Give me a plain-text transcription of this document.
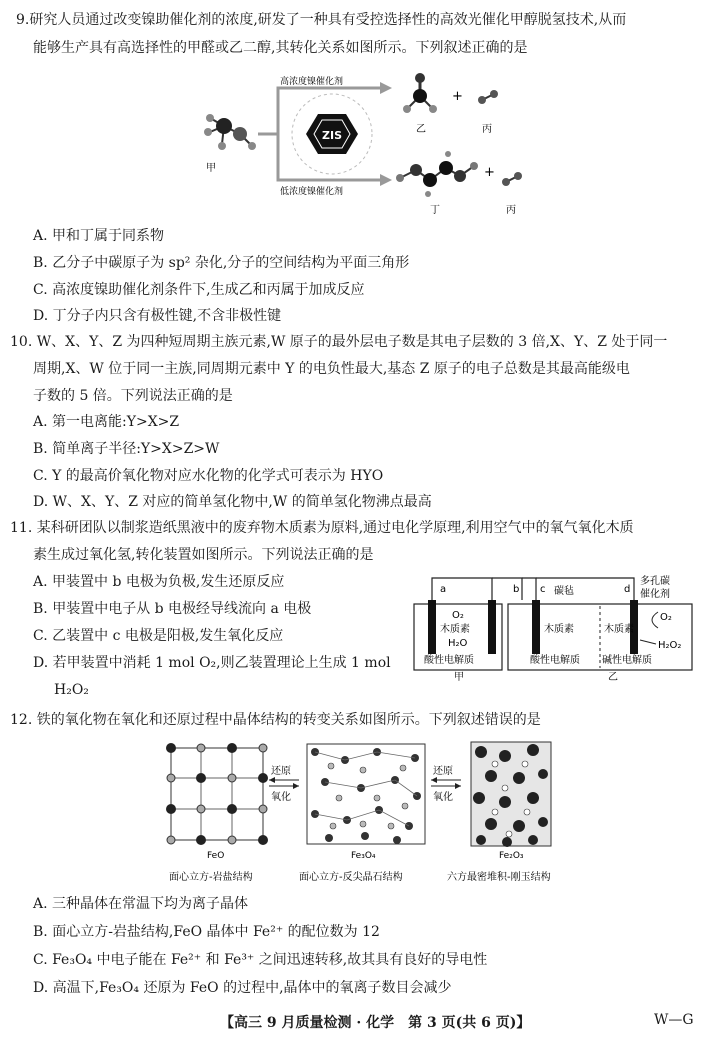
9.研究人员通过改变镍助催化剂的浓度,研发了一种具有受控选择性的高效光催化甲醇脱氢技术,从而
能够生产具有高选择性的甲醛或乙二醇,其转化关系如图所示。下列叙述正确的是
甲
高浓度镍催化剂
低浓度镍催化剂
ZIS	乙
+
丙
丁
+
丙
A. 甲和丁属于同系物
B. 乙分子中碳原子为 sp² 杂化,分子的空间结构为平面三角形
C. 高浓度镍助催化剂条件下,生成乙和丙属于加成反应
D. 丁分子内只含有极性键,不含非极性键
10. W、X、Y、Z 为四种短周期主族元素,W 原子的最外层电子数是其电子层数的 3 倍,X、Y、Z 处于同一
周期,X、W 位于同一主族,同周期元素中 Y 的电负性最大,基态 Z 原子的电子总数是其最高能级电
子数的 5 倍。下列说法正确的是
A. 第一电离能:Y>X>Z
B. 简单离子半径:Y>X>Z>W
C. Y 的最高价氧化物对应水化物的化学式可表示为 HYO
D. W、X、Y、Z 对应的简单氢化物中,W 的简单氢化物沸点最高
11. 某科研团队以制浆造纸黑液中的废弃物木质素为原料,通过电化学原理,利用空气中的氧气氧化木质
素生成过氧化氢,转化装置如图所示。下列说法正确的是
A. 甲装置中 b 电极为负极,发生还原反应
B. 甲装置中电子从 b 电极经导线流向 a 电极
C. 乙装置中 c 电极是阳极,发生氧化反应
D. 若甲装置中消耗 1 mol O₂,则乙装置理论上生成 1 mol
H₂O₂
a	b c	d
碳毡
多孔碳
催化剂
O₂
木质素
H₂O
酸性电解质
甲
木质素	木质素
酸性电解质 碱性电解质
O₂
H₂O₂
乙
12. 铁的氧化物在氧化和还原过程中晶体结构的转变关系如图所示。下列叙述错误的是
FeO
面心立方-岩盐结构
还原
氧化
Fe₃O₄
面心立方-反尖晶石结构
还原
氧化
Fe₂O₃
六方最密堆积-刚玉结构
A. 三种晶体在常温下均为离子晶体
B. 面心立方-岩盐结构,FeO 晶体中 Fe²⁺ 的配位数为 12
C. Fe₃O₄ 中电子能在 Fe²⁺ 和 Fe³⁺ 之间迅速转移,故其具有良好的导电性
D. 高温下,Fe₃O₄ 还原为 FeO 的过程中,晶体中的氧离子数目会减少
【高三 9 月质量检测 · 化学　第 3 页(共 6 页)】	W—G
